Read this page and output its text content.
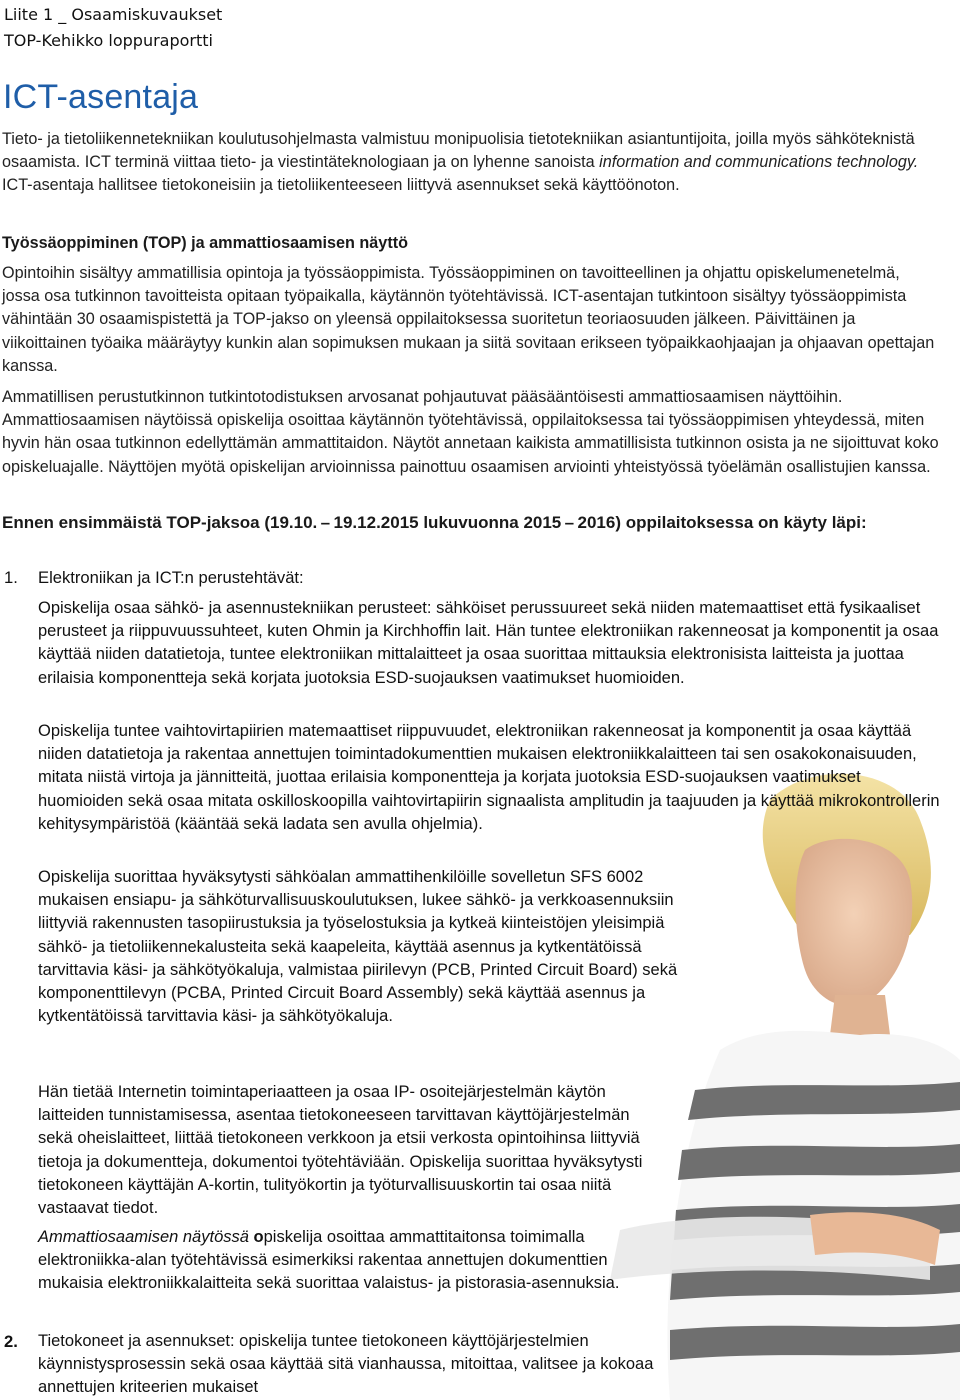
Liite 1 _ Osaamiskuvaukset
TOP-Kehikko loppuraportti
ICT-asentaja

Tieto- ja tietoliikennetekniikan koulutusohjelmasta valmistuu monipuolisia tietotekniikan asiantuntijoita, joilla myös sähköteknistä osaamista. ICT terminä viittaa tieto- ja viestintäteknologiaan ja on lyhenne sanoista information and communications technology. ICT-asentaja hallitsee tietokoneisiin ja tietoliikenteeseen liittyvä asennukset sekä käyttöönoton.

Työssäoppiminen (TOP) ja ammattiosaamisen näyttö

Opintoihin sisältyy ammatillisia opintoja ja työssäoppimista. Työssäoppiminen on tavoitteellinen ja ohjattu opiskelumenetelmä, jossa osa tutkinnon tavoitteista opitaan työpaikalla, käytännön työtehtävissä. ICT-asentajan tutkintoon sisältyy työssäoppimista vähintään 30 osaamispistettä ja TOP-jakso on yleensä oppilaitoksessa suoritetun teoriaosuuden jälkeen. Päivittäinen ja viikoittainen työaika määräytyy kunkin alan sopimuksen mukaan ja siitä sovitaan erikseen työpaikkaohjaajan ja ohjaavan opettajan kanssa.

Ammatillisen perustutkinnon tutkintotodistuksen arvosanat pohjautuvat pääsääntöisesti ammattiosaamisen näyttöihin. Ammattiosaamisen näytöissä opiskelija osoittaa käytännön työtehtävissä, oppilaitoksessa tai työssäoppimisen yhteydessä, miten hyvin hän osaa tutkinnon edellyttämän ammattitaidon. Näytöt annetaan kaikista ammatillisista tutkinnon osista ja ne sijoittuvat koko opiskeluajalle. Näyttöjen myötä opiskelijan arvioinnissa painottuu osaamisen arviointi yhteistyössä työelämän osallistujien kanssa.

Ennen ensimmäistä TOP-jaksoa (19.10. – 19.12.2015 lukuvuonna 2015 – 2016) oppilaitoksessa on käyty läpi:
1. Elektroniikan ja ICT:n perustehtävät:

Opiskelija osaa sähkö- ja asennustekniikan perusteet: sähköiset perussuureet sekä niiden matemaattiset että fysikaaliset perusteet ja riippuvuussuhteet, kuten Ohmin ja Kirchhoffin lait. Hän tuntee elektroniikan rakenneosat ja komponentit ja osaa käyttää niiden datatietoja, tuntee elektroniikan mittalaitteet ja osaa suorittaa mittauksia elektronisista laitteista ja juottaa erilaisia komponentteja sekä korjata juotoksia ESD-suojauksen vaatimukset huomioiden.

Opiskelija tuntee vaihtovirtapiirien matemaattiset riippuvuudet, elektroniikan rakenneosat ja komponentit ja osaa käyttää niiden datatietoja ja rakentaa annettujen toimintadokumenttien mukaisen elektroniikkalaitteen tai sen osakokonaisuuden, mitata niistä virtoja ja jännitteitä, juottaa erilaisia komponenttеja ja korjata juotoksia ESD-suojauksen vaatimukset huomioiden sekä osaa mitata oskilloskoopilla vaihtovirtapiirin signaalista amplitudin ja taajuuden ja käyttää mikrokontrollerin kehitysympäristöä (kääntää sekä ladata sen avulla ohjelmia).

Opiskelija suorittaa hyväksytysti sähköalan ammattihenkilöille sovelletun SFS 6002 mukaisen ensiapu- ja sähköturvallisuuskoulutuksen, lukee sähkö- ja verkkoasennuksiin liittyviä rakennusten tasopiirustuksia ja työselostuksia ja kytkeä kiinteistöjen yleisimpiä sähkö- ja tietoliikennekalusteita sekä kaapeleita, käyttää asennus ja kytkentätöissä tarvittavia käsi- ja sähkötyökaluja, valmistaa piirilevyn (PCB, Printed Circuit Board) sekä komponenttilevyn (PCBA, Printed Circuit Board Assembly) sekä käyttää asennus ja kytkentätöissä tarvittavia käsi- ja sähkötyökaluja.

Hän tietää Internetin toimintaperiaatteen ja osaa IP- osoitejärjestelmän käytön laitteiden tunnistamisessa, asentaa tietokoneeseen tarvittavan käyttöjärjestelmän sekä oheislaitteet, liittää tietokoneen verkkoon ja etsii verkosta opintoihinsa liittyviä tietoja ja dokumentteja, dokumentoi työtehtäviään. Opiskelija suorittaa hyväksytysti tietokoneen käyttäjän A-kortin, tulityökortin ja työturvallisuuskortin tai osaa niitä vastaavat tiedot.

Ammattiosaamisen näytössä opiskelija osoittaa ammattitaitonsa toimimalla elektroniikka-alan työtehtävissä esimerkiksi rakentaa annettujen dokumenttien mukaisia elektroniikkalaitteita sekä suorittaa valaistus- ja pistorasia-asennuksia.

2. Tietokoneet ja asennukset: opiskelija tuntee tietokoneen käyttöjärjestelmien käynnistysprosessin sekä osaa käyttää sitä vianhaussa, mitoittaa, valitsee ja kokoaa annettujen kriteerien mukaiset
